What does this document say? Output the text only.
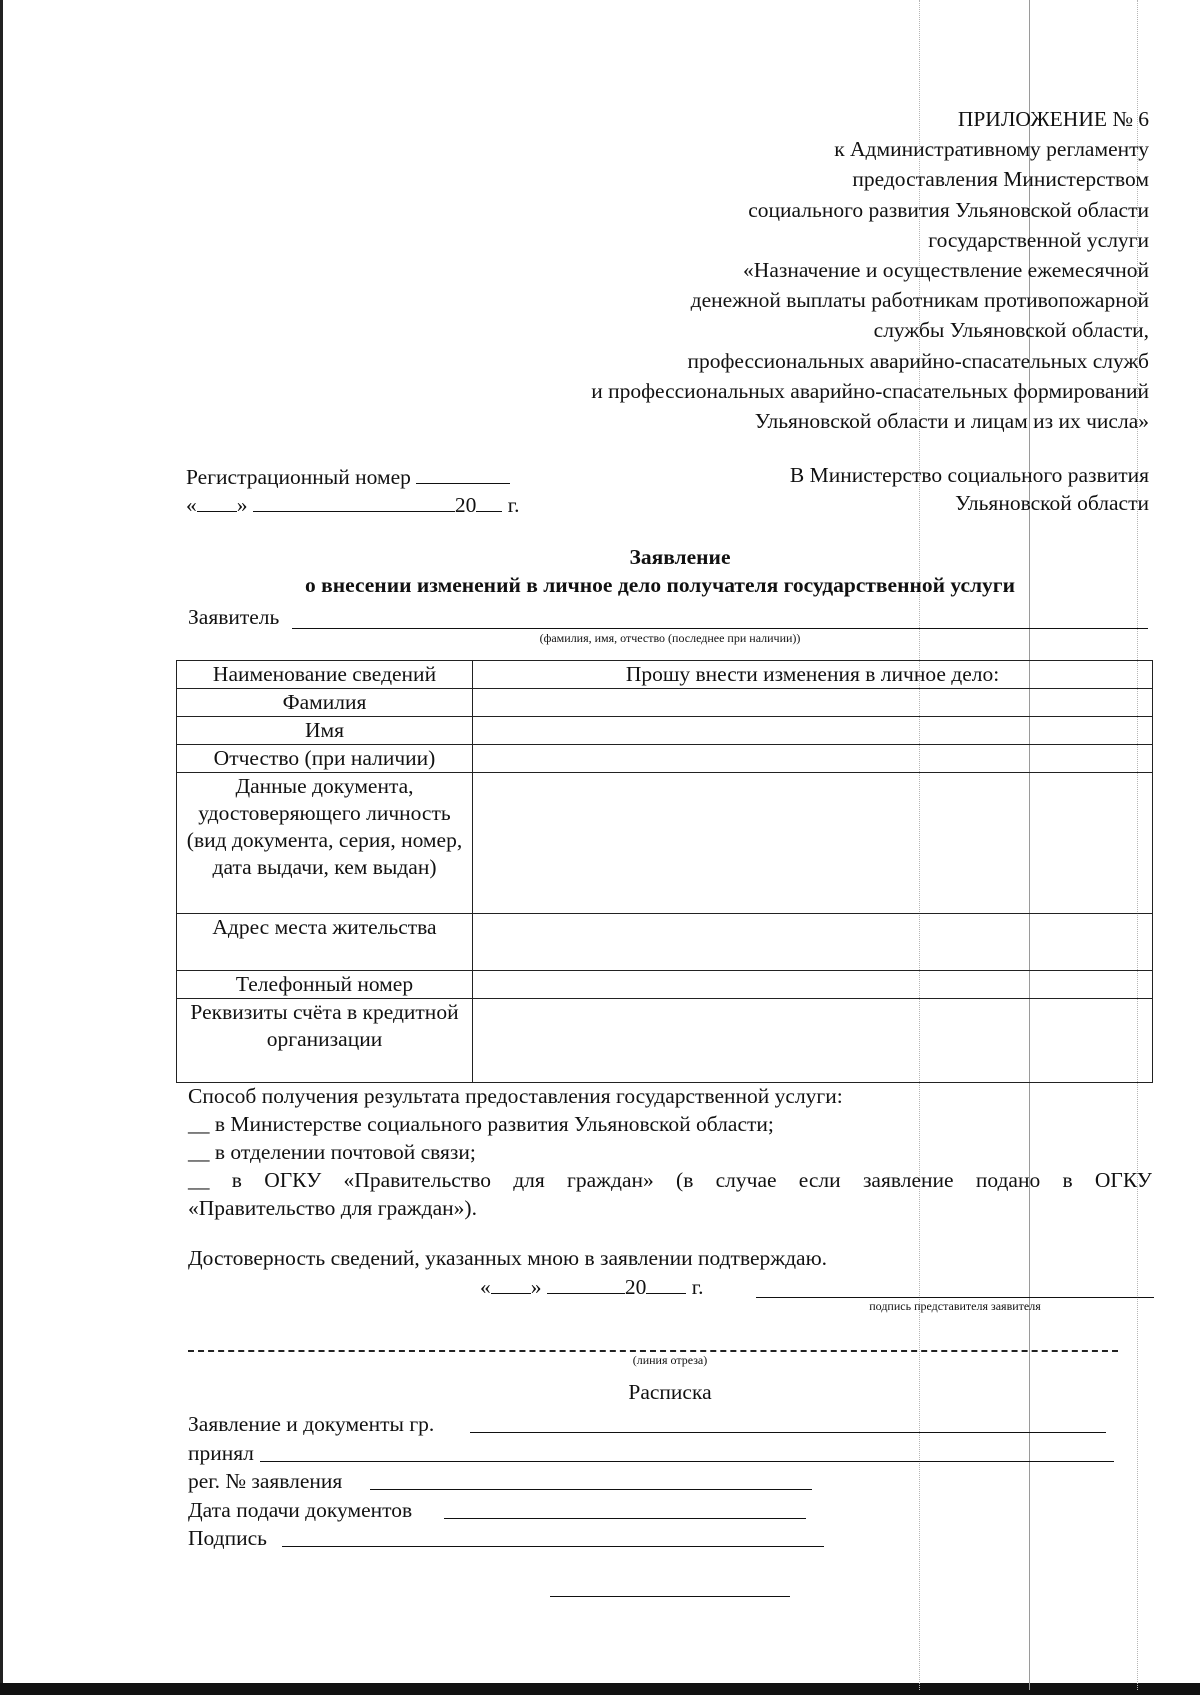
ПРИЛОЖЕНИЕ № 6
к Административному регламенту
предоставления Министерством
социального развития Ульяновской области
государственной услуги
«Назначение и осуществление ежемесячной
денежной выплаты работникам противопожарной
службы Ульяновской области,
профессиональных аварийно-спасательных служб
и профессиональных аварийно-спасательных формирований
Ульяновской области и лицам из их числа»
Регистрационный номер
« »	20 г.
В Министерство социального развития
Ульяновской области
Заявление
о внесении изменений в личное дело получателя государственной услуги
Заявитель
(фамилия, имя, отчество (последнее при наличии))
Наименование сведений	Прошу внести изменения в личное дело:
Фамилия	
Имя	
Отчество (при наличии)	
Данные документа, удостоверяющего личность (вид документа, серия, номер, дата выдачи, кем выдан)	
Адрес места жительства	
Телефонный номер	
Реквизиты счёта в кредитной организации	

Способ получения результата предоставления государственной услуги:

__ в Министерстве социального развития Ульяновской области;

__ в отделении почтовой связи;

__ в ОГКУ «Правительство для граждан» (в случае если заявление подано в ОГКУ

«Правительство для граждан»).

Достоверность сведений, указанных мною в заявлении подтверждаю.
« »	20 г.
подпись представителя заявителя
(линия отреза)
Расписка
Заявление и документы гр.
принял
рег. № заявления
Дата подачи документов
Подпись
